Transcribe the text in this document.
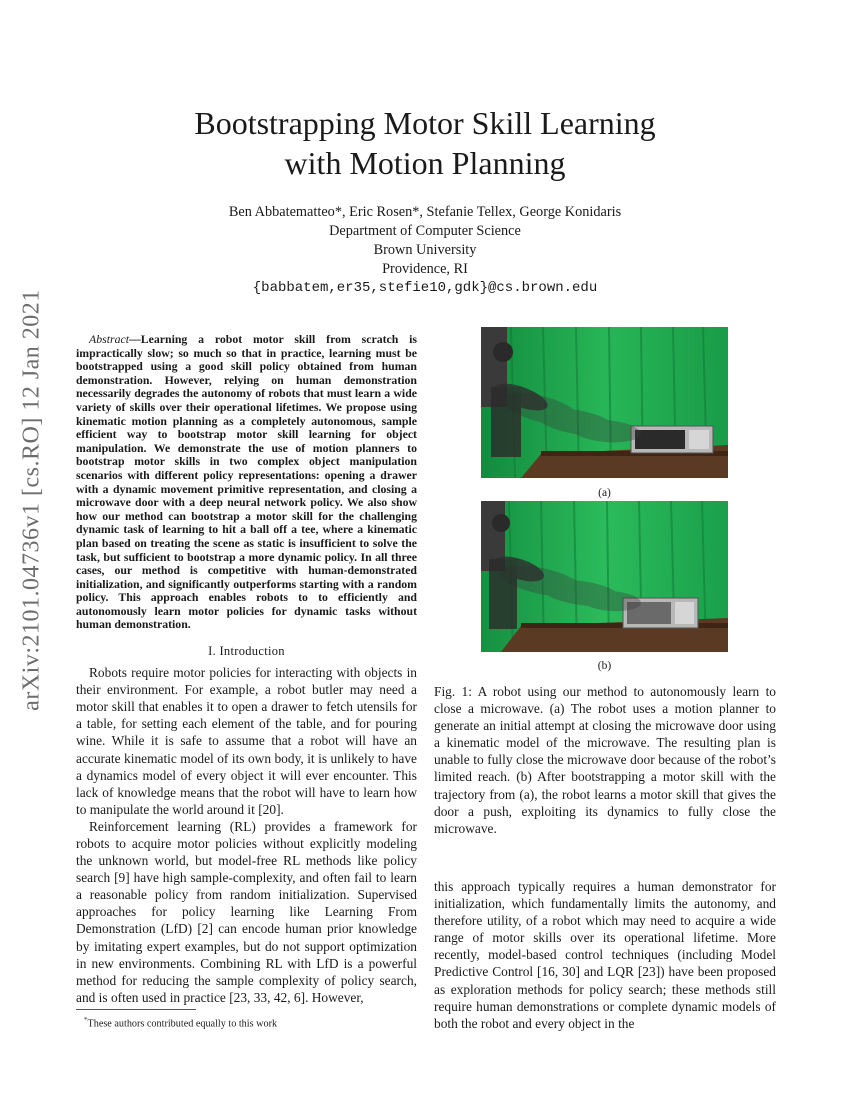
arXiv:2101.04736v1 [cs.RO] 12 Jan 2021
Bootstrapping Motor Skill Learning
with Motion Planning
Ben Abbatematteo*, Eric Rosen*, Stefanie Tellex, George Konidaris
Department of Computer Science
Brown University
Providence, RI
{babbatem,er35,stefie10,gdk}@cs.brown.edu

Abstract—Learning a robot motor skill from scratch is impractically slow; so much so that in practice, learning must be bootstrapped using a good skill policy obtained from human demonstration. However, relying on human demonstration necessarily degrades the autonomy of robots that must learn a wide variety of skills over their operational lifetimes. We propose using kinematic motion planning as a completely autonomous, sample efficient way to bootstrap motor skill learning for object manipulation. We demonstrate the use of motion planners to bootstrap motor skills in two complex object manipulation scenarios with different policy representations: opening a drawer with a dynamic movement primitive representation, and closing a microwave door with a deep neural network policy. We also show how our method can bootstrap a motor skill for the challenging dynamic task of learning to hit a ball off a tee, where a kinematic plan based on treating the scene as static is insufficient to solve the task, but sufficient to bootstrap a more dynamic policy. In all three cases, our method is competitive with human-demonstrated initialization, and significantly outperforms starting with a random policy. This approach enables robots to to efficiently and autonomously learn motor policies for dynamic tasks without human demonstration.

I. Introduction

Robots require motor policies for interacting with objects in their environment. For example, a robot butler may need a motor skill that enables it to open a drawer to fetch utensils for a table, for setting each element of the table, and for pouring wine. While it is safe to assume that a robot will have an accurate kinematic model of its own body, it is unlikely to have a dynamics model of every object it will ever encounter. This lack of knowledge means that the robot will have to learn how to manipulate the world around it [20].

Reinforcement learning (RL) provides a framework for robots to acquire motor policies without explicitly modeling the unknown world, but model-free RL methods like policy search [9] have high sample-complexity, and often fail to learn a reasonable policy from random initialization. Supervised approaches for policy learning like Learning From Demonstration (LfD) [2] can encode human prior knowledge by imitating expert examples, but do not support optimization in new environments. Combining RL with LfD is a powerful method for reducing the sample complexity of policy search, and is often used in practice [23, 33, 42, 6]. However,

*These authors contributed equally to this work
(a)
(b)

Fig. 1: A robot using our method to autonomously learn to close a microwave. (a) The robot uses a motion planner to generate an initial attempt at closing the microwave door using a kinematic model of the microwave. The resulting plan is unable to fully close the microwave door because of the robot’s limited reach. (b) After bootstrapping a motor skill with the trajectory from (a), the robot learns a motor skill that gives the door a push, exploiting its dynamics to fully close the microwave.

this approach typically requires a human demonstrator for initialization, which fundamentally limits the autonomy, and therefore utility, of a robot which may need to acquire a wide range of motor skills over its operational lifetime. More recently, model-based control techniques (including Model Predictive Control [16, 30] and LQR [23]) have been proposed as exploration methods for policy search; these methods still require human demonstrations or complete dynamic models of both the robot and every object in the
